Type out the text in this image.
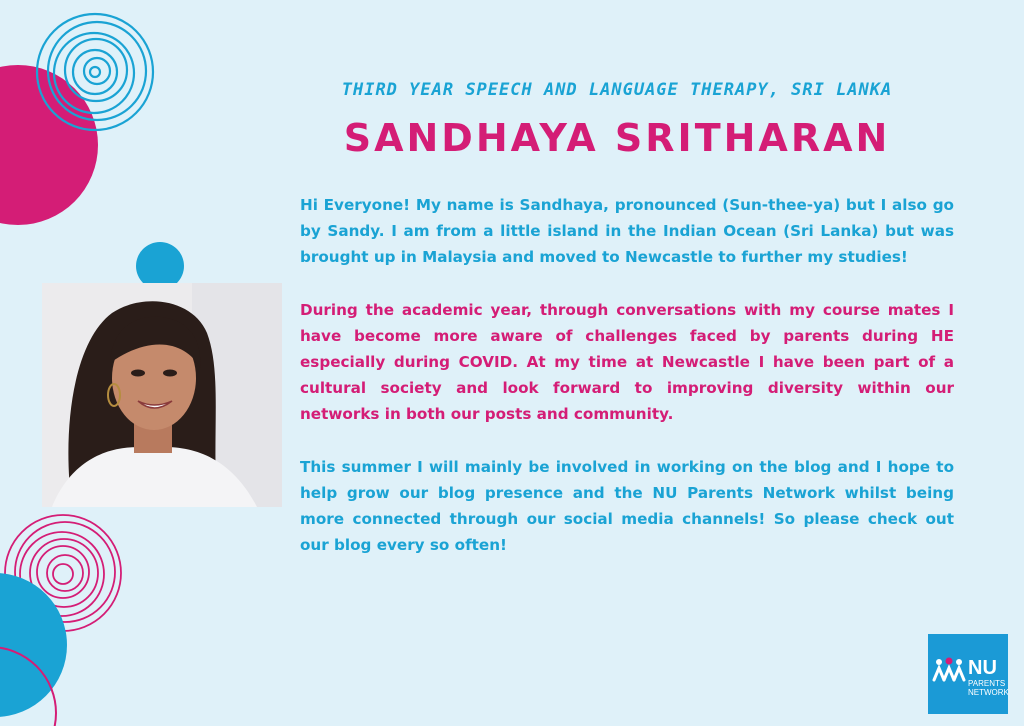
THIRD YEAR SPEECH AND LANGUAGE THERAPY, SRI LANKA
SANDHAYA SRITHARAN

Hi Everyone! My name is Sandhaya, pronounced (Sun-thee-ya) but I also go by Sandy. I am from a little island in the Indian Ocean (Sri Lanka) but was brought up in Malaysia and moved to Newcastle to further my studies!

During the academic year, through conversations with my course mates I have become more aware of challenges faced by parents during HE especially during COVID. At my time at Newcastle I have been part of a cultural society and look forward to improving diversity within our networks in both our posts and community.

This summer I will mainly be involved in working on the blog and I hope to help grow our blog presence and the NU Parents Network whilst being more connected through our social media channels! So please check out our blog every so often!

NU
PARENTS
NETWORK
